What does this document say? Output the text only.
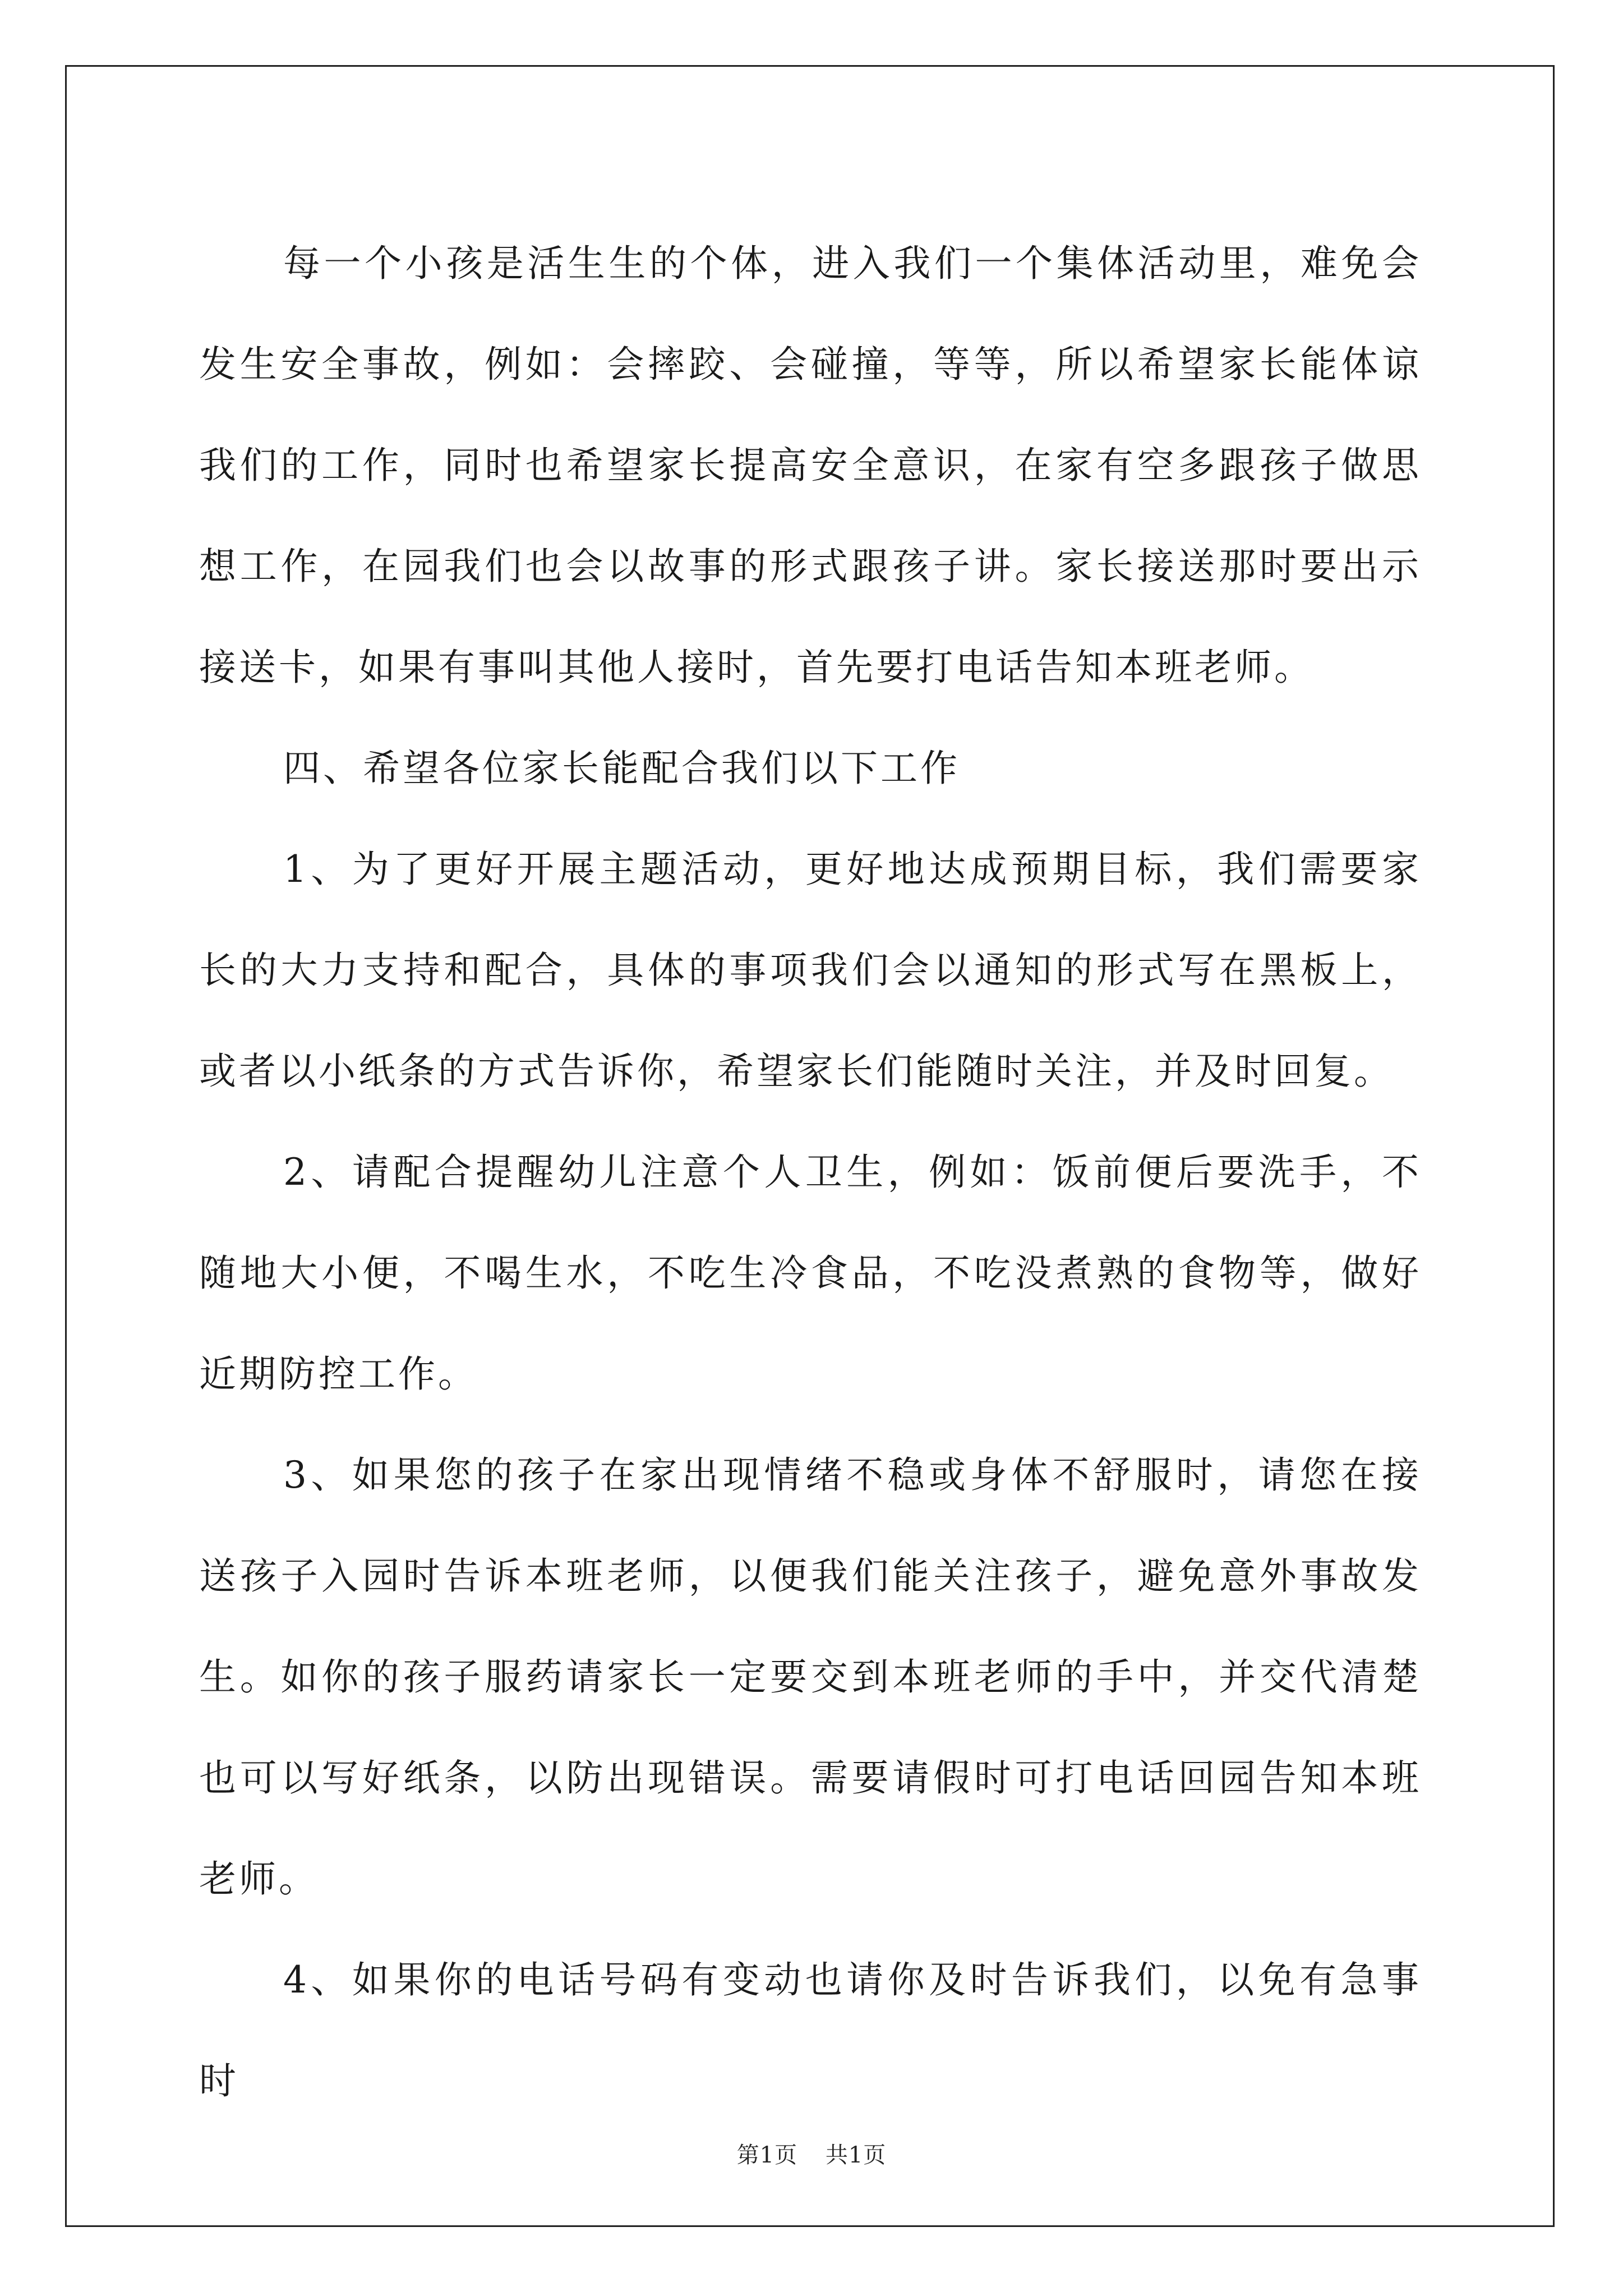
每一个小孩是活生生的个体，进入我们一个集体活动里，难免会发生安全事故，例如：会摔跤、会碰撞，等等，所以希望家长能体谅我们的工作，同时也希望家长提高安全意识，在家有空多跟孩子做思想工作，在园我们也会以故事的形式跟孩子讲。家长接送那时要出示接送卡，如果有事叫其他人接时，首先要打电话告知本班老师。

四、希望各位家长能配合我们以下工作

1、为了更好开展主题活动，更好地达成预期目标，我们需要家长的大力支持和配合，具体的事项我们会以通知的形式写在黑板上，或者以小纸条的方式告诉你，希望家长们能随时关注，并及时回复。

2、请配合提醒幼儿注意个人卫生，例如：饭前便后要洗手，不随地大小便，不喝生水，不吃生冷食品，不吃没煮熟的食物等，做好近期防控工作。

3、如果您的孩子在家出现情绪不稳或身体不舒服时，请您在接送孩子入园时告诉本班老师，以便我们能关注孩子，避免意外事故发生。如你的孩子服药请家长一定要交到本班老师的手中，并交代清楚也可以写好纸条，以防出现错误。需要请假时可打电话回园告知本班老师。

4、如果你的电话号码有变动也请你及时告诉我们，以免有急事时

第1页 共1页
